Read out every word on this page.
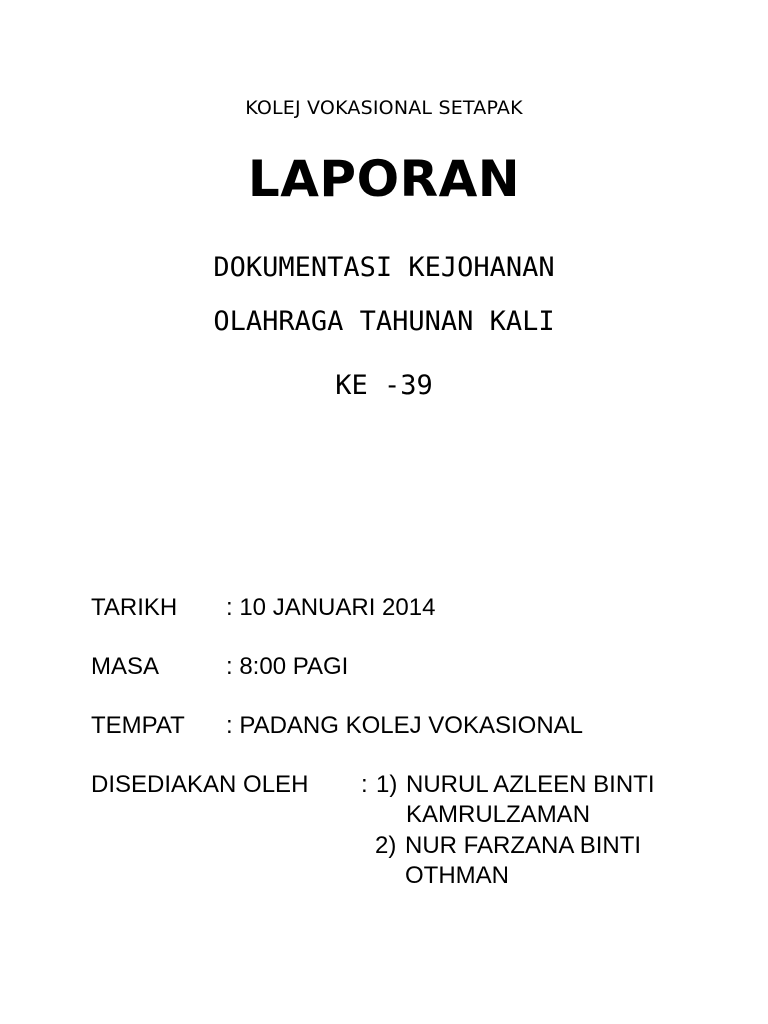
KOLEJ VOKASIONAL SETAPAK
LAPORAN
DOKUMENTASI KEJOHANAN
OLAHRAGA TAHUNAN KALI
KE -39
TARIKH : 10 JANUARI 2014
MASA	: 8:00 PAGI
TEMPAT : PADANG KOLEJ VOKASIONAL
DISEDIAKAN OLEH : 1) NURUL AZLEEN BINTI
KAMRULZAMAN
2) NUR FARZANA BINTI
OTHMAN
